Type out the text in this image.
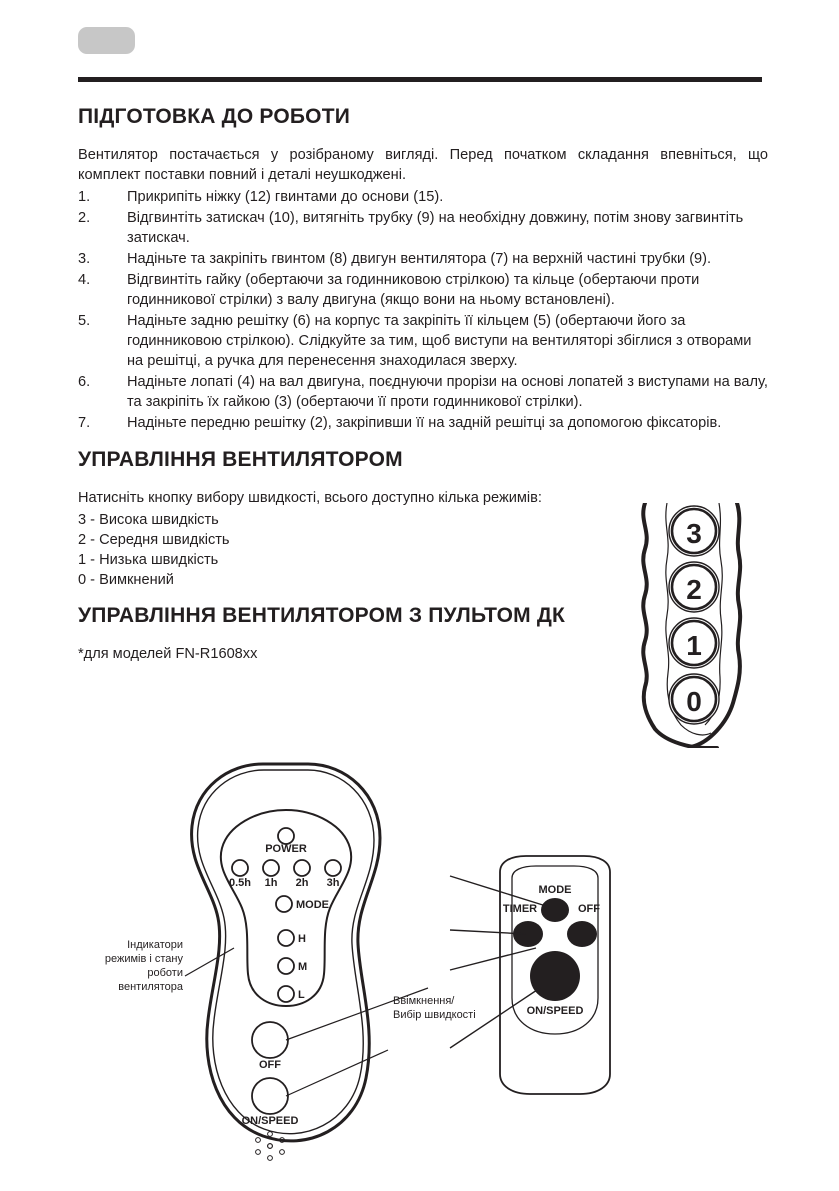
ПІДГОТОВКА ДО РОБОТИ

Вентилятор постачається у розібраному вигляді. Перед початком складання впевніться, що комплект поставки повний і деталі неушкоджені.

1.	Прикрипіть ніжку (12) гвинтами до основи (15).
2.	Відгвинтіть затискач (10), витягніть трубку (9) на необхідну довжину, потім знову загвинтіть затискач.
3.	Надіньте та закріпіть гвинтом (8) двигун вентилятора (7) на верхній частині трубки (9).
4.	Відгвинтіть гайку (обертаючи за годинниковою стрілкою) та кільце (обертаючи проти годинникової стрілки) з валу двигуна (якщо вони на ньому встановлені).
5.	Надіньте задню решітку (6) на корпус та закріпіть її кільцем (5) (обертаючи його за годинниковою стрілкою). Слідкуйте за тим, щоб виступи на вентиляторі збіглися з отворами на решітці, а ручка для перенесення знаходилася зверху.
6.	Надіньте лопаті (4) на вал двигуна, поєднуючи прорізи на основі лопатей з виступами на валу, та закріпіть їх гайкою (3) (обертаючи її проти годинникової стрілки).
7.	Надіньте передню решітку (2), закріпивши її на задній решітці за допомогою фіксаторів.
УПРАВЛІННЯ ВЕНТИЛЯТОРОМ

Натисніть кнопку вибору швидкості, всього доступно кілька режимів:

3 - Висока швидкість
2 - Середня швидкість
1 - Низька швидкість
0 - Вимкнений
УПРАВЛІННЯ ВЕНТИЛЯТОРОМ З ПУЛЬТОМ ДК

*для моделей FN-R1608xx

3
2
1
0
POWER
0.5h 1h 2h 3h
MODE
H
M
L
OFF
ON/SPEED
MODE
TIMER	OFF
ON/SPEED
Індикатори
режимів і стану
роботи
вентилятора
Ввімкнення/
Вибір швидкості
